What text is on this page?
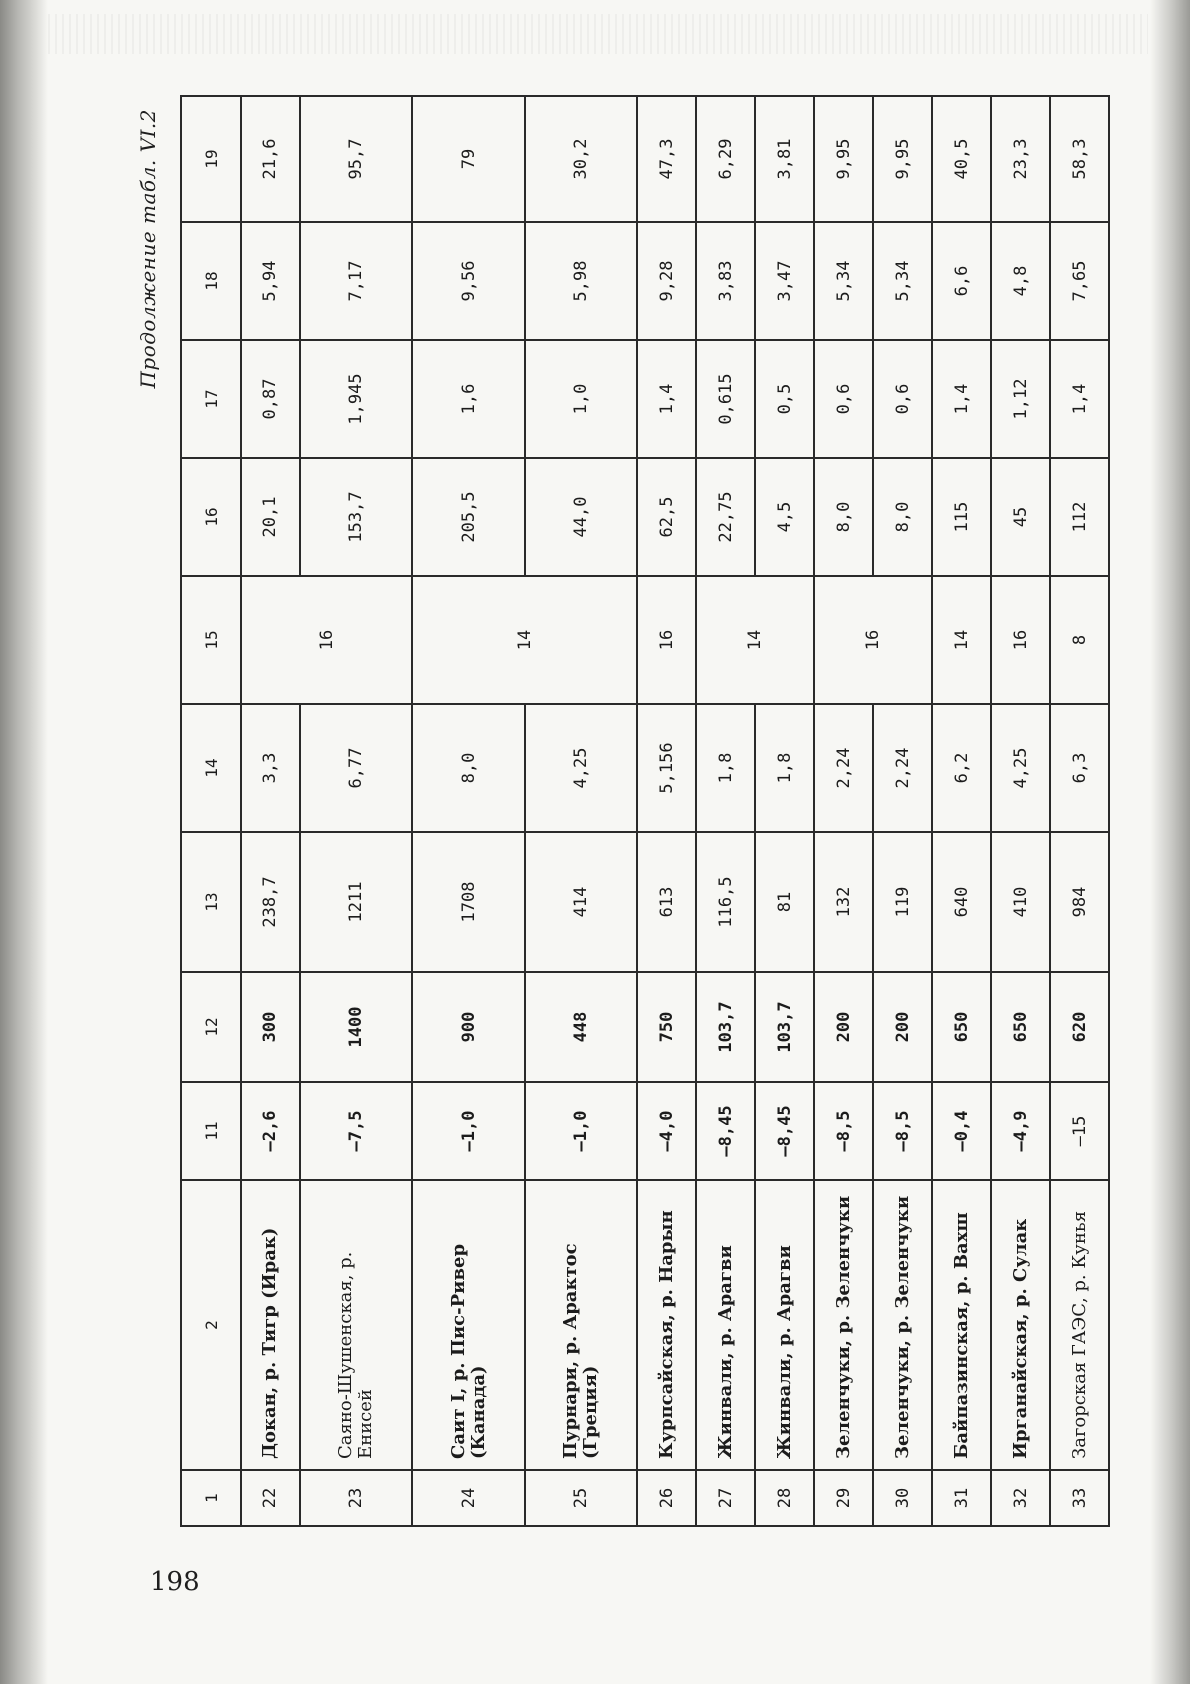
Продолжение табл. VI.2
1	2	11	12	13	14	15	16	17	18	19
22	Докан, р. Тигр (Ирак)	—2,6	300	238,7	3,3	16	20,1	0,87	5,94	21,6
23	Саяно-Шушенская, р. Енисей	—7,5	1400	1211	6,77		153,7	1,945	7,17	95,7
24	Саит I, р. Пис-Ривер (Канада)	—1,0	900	1708	8,0	14	205,5	1,6	9,56	79
25	Пурнари, р. Арактос (Греция)	—1,0	448	414	4,25		44,0	1,0	5,98	30,2
26	Курпсайская, р. Нарын	—4,0	750	613	5,156	16	62,5	1,4	9,28	47,3
27	Жинвали, р. Арагви	—8,45	103,7	116,5	1,8	14	22,75	0,615	3,83	6,29
28	Жинвали, р. Арагви	—8,45	103,7	81	1,8		4,5	0,5	3,47	3,81
29	Зеленчуки, р. Зеленчуки	—8,5	200	132	2,24	16	8,0	0,6	5,34	9,95
30	Зеленчуки, р. Зеленчуки	—8,5	200	119	2,24		8,0	0,6	5,34	9,95
31	Байпазинская, р. Вахш	—0,4	650	640	6,2	14	115	1,4	6,6	40,5
32	Ирганайская, р. Сулак	—4,9	650	410	4,25	16	45	1,12	4,8	23,3
33	Загорская ГАЭС, р. Кунья	—15	620	984	6,3	8	112	1,4	7,65	58,3
198
